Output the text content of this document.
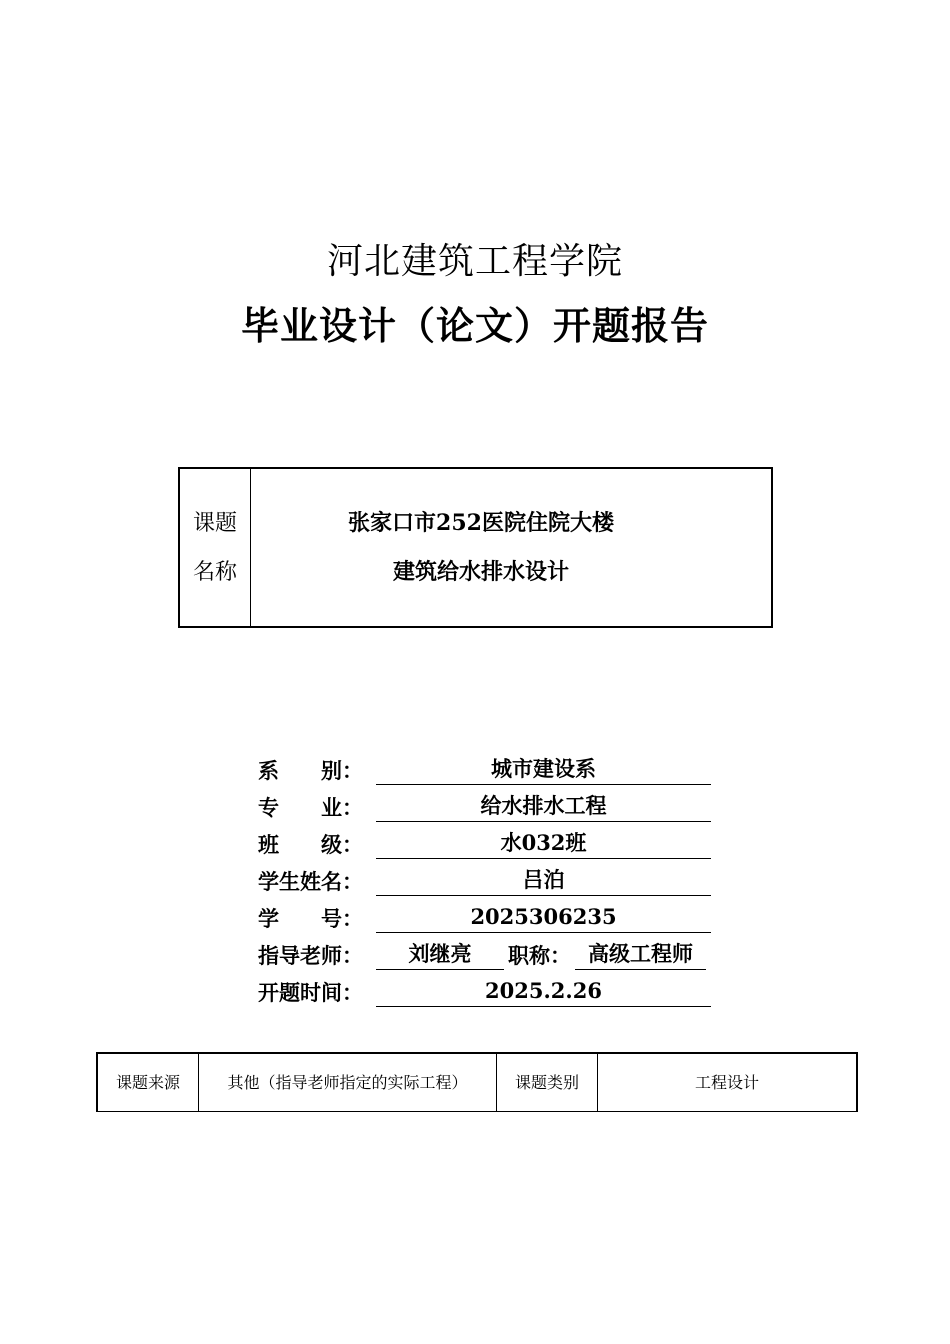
河北建筑工程学院
毕业设计（论文）开题报告
课题
名称
张家口市252医院住院大楼
建筑给水排水设计
系　　别：	城市建设系
专　　业：	给水排水工程
班　　级：	水032班
学生姓名：	吕泊
学　　号：	2025306235
指导老师：	刘继亮	职称： 高级工程师
开题时间：	2025.2.26
课题来源	其他（指导老师指定的实际工程）	课题类别	工程设计
